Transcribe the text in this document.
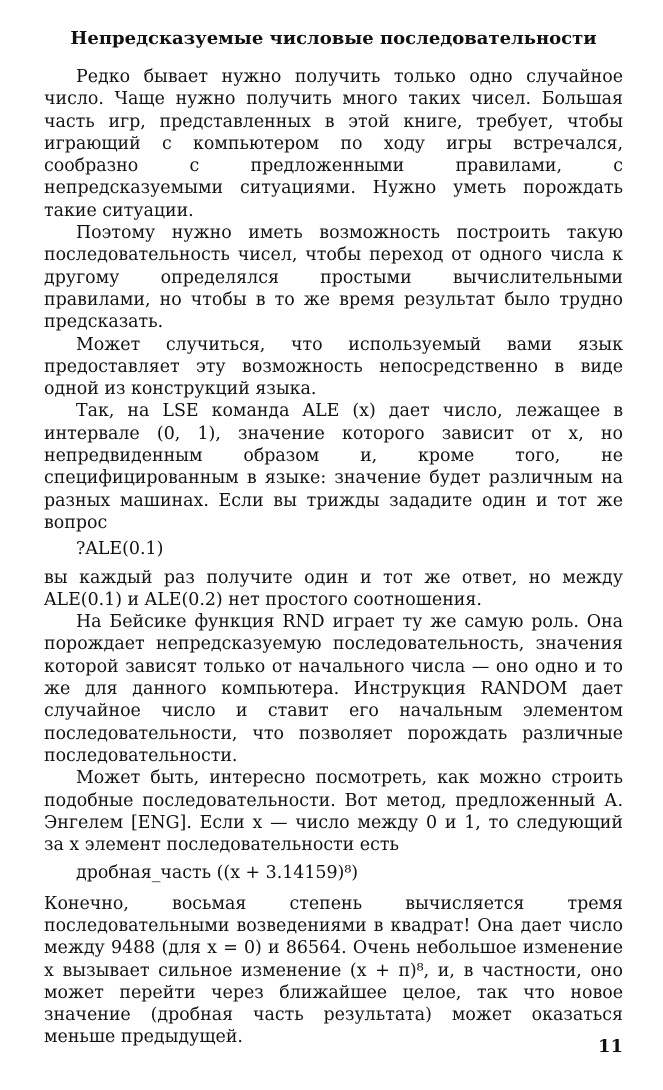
Непредсказуемые числовые последовательности

Редко бывает нужно получить только одно случайное число. Чаще нужно получить много таких чисел. Большая часть игр, представленных в этой книге, требует, чтобы играющий с компьютером по ходу игры встречался, сообразно с предложенными правилами, с непредсказуемыми ситуациями. Нужно уметь порождать такие ситуации.

Поэтому нужно иметь возможность построить такую последовательность чисел, чтобы переход от одного числа к другому определялся простыми вычислительными правилами, но чтобы в то же время результат было трудно предсказать.

Может случиться, что используемый вами язык предоставляет эту возможность непосредственно в виде одной из конструкций языка.

Так, на LSE команда ALE (x) дает число, лежащее в интервале (0, 1), значение которого зависит от x, но непредвиденным образом и, кроме того, не специфицированным в языке: значение будет различным на разных машинах. Если вы трижды зададите один и тот же вопрос

?ALE(0.1)

вы каждый раз получите один и тот же ответ, но между ALE(0.1) и ALE(0.2) нет простого соотношения.

На Бейсике функция RND играет ту же самую роль. Она порождает непредсказуемую последовательность, значения которой зависят только от начального числа — оно одно и то же для данного компьютера. Инструкция RANDOM дает случайное число и ставит его начальным элементом последовательности, что позволяет порождать различные последовательности.

Может быть, интересно посмотреть, как можно строить подобные последовательности. Вот метод, предложенный А. Энгелем [ENG]. Если x — число между 0 и 1, то следующий за x элемент последовательности есть

дробная_часть ((x + 3.14159)⁸)

Конечно, восьмая степень вычисляется тремя последовательными возведениями в квадрат! Она дает число между 9488 (для x = 0) и 86564. Очень небольшое изменение x вызывает сильное изменение (x + π)⁸, и, в частности, оно может перейти через ближайшее целое, так что новое значение (дробная часть результата) может оказаться меньше предыдущей.	11
